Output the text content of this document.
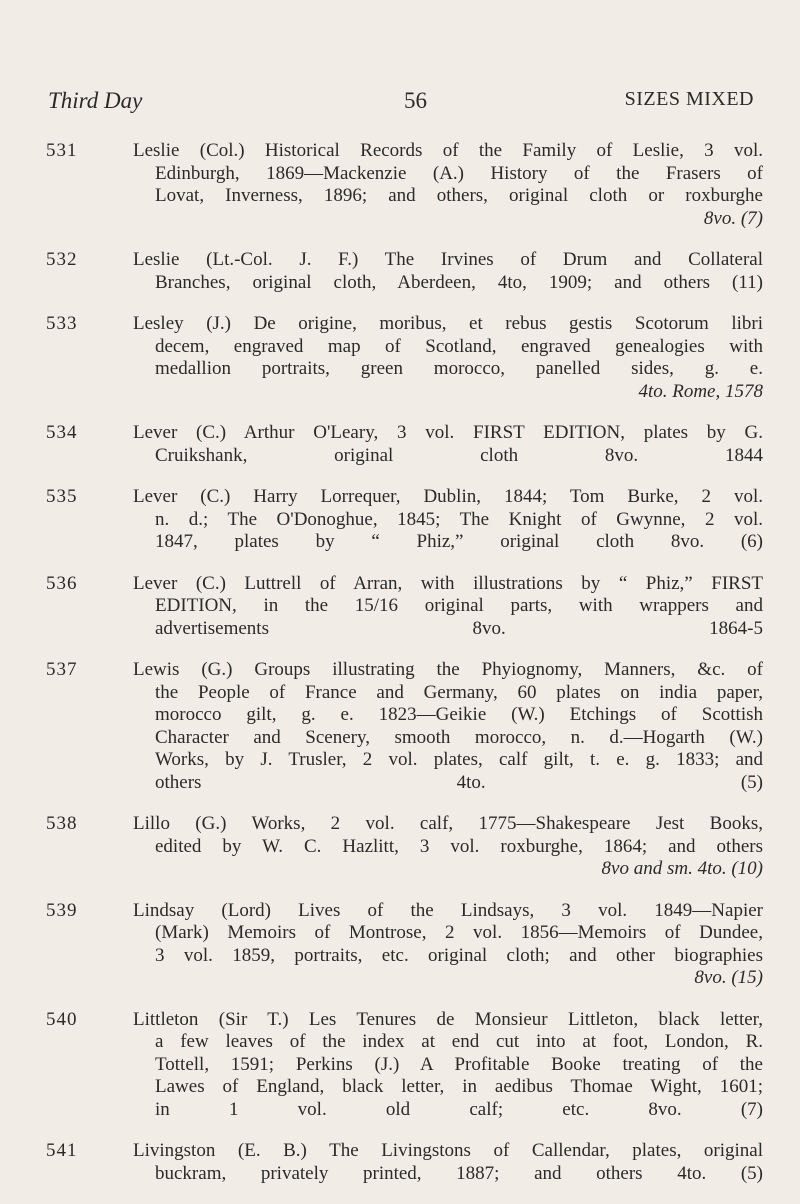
Third Day	56	SIZES MIXED
531	Leslie (Col.) Historical Records of the Family of Leslie, 3 vol.
Edinburgh, 1869—Mackenzie (A.) History of the Frasers of
Lovat, Inverness, 1896; and others, original cloth or roxburghe
8vo. (7)
532	Leslie (Lt.-Col. J. F.) The Irvines of Drum and Collateral
Branches, original cloth, Aberdeen, 4to, 1909; and others (11)
533	Lesley (J.) De origine, moribus, et rebus gestis Scotorum libri
decem, engraved map of Scotland, engraved genealogies with
medallion portraits, green morocco, panelled sides, g. e.
4to. Rome, 1578
534	Lever (C.) Arthur O'Leary, 3 vol. FIRST EDITION, plates by G.
Cruikshank, original cloth 8vo. 1844
535	Lever (C.) Harry Lorrequer, Dublin, 1844; Tom Burke, 2 vol.
n. d.; The O'Donoghue, 1845; The Knight of Gwynne, 2 vol.
1847, plates by “ Phiz,” original cloth 8vo. (6)
536	Lever (C.) Luttrell of Arran, with illustrations by “ Phiz,” FIRST
EDITION, in the 15/16 original parts, with wrappers and
advertisements 8vo. 1864-5
537	Lewis (G.) Groups illustrating the Phyiognomy, Manners, &c. of
the People of France and Germany, 60 plates on india paper,
morocco gilt, g. e. 1823—Geikie (W.) Etchings of Scottish
Character and Scenery, smooth morocco, n. d.—Hogarth (W.)
Works, by J. Trusler, 2 vol. plates, calf gilt, t. e. g. 1833; and
others 4to. (5)
538	Lillo (G.) Works, 2 vol. calf, 1775—Shakespeare Jest Books,
edited by W. C. Hazlitt, 3 vol. roxburghe, 1864; and others
8vo and sm. 4to. (10)
539	Lindsay (Lord) Lives of the Lindsays, 3 vol. 1849—Napier
(Mark) Memoirs of Montrose, 2 vol. 1856—Memoirs of Dundee,
3 vol. 1859, portraits, etc. original cloth; and other biographies
8vo. (15)
540	Littleton (Sir T.) Les Tenures de Monsieur Littleton, black letter,
a few leaves of the index at end cut into at foot, London, R.
Tottell, 1591; Perkins (J.) A Profitable Booke treating of the
Lawes of England, black letter, in aedibus Thomae Wight, 1601;
in 1 vol. old calf; etc. 8vo. (7)
541	Livingston (E. B.) The Livingstons of Callendar, plates, original
buckram, privately printed, 1887; and others 4to. (5)
